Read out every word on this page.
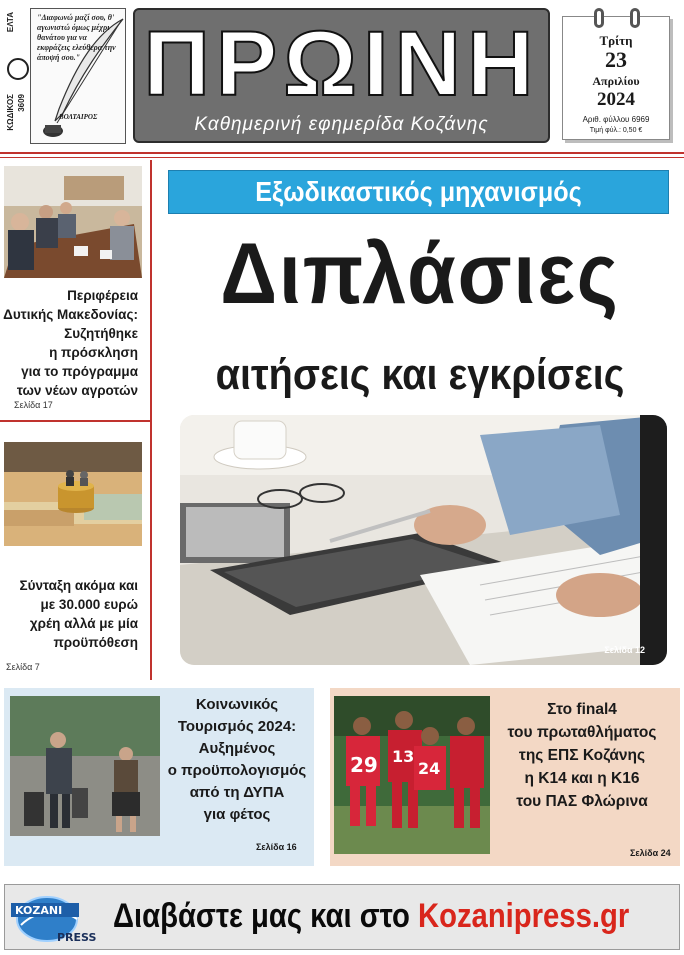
ΕΛΤΑ
ΚΩΔΙΚΟΣ 3609
"Διαφωνώ μαζί σου, θ' αγωνιστώ όμως μέχρι θανάτου για να εκφράζεις ελεύθερα την άποψή σου."
ΒΟΛΤΑΙΡΟΣ
ΠΡΩΙΝΗ
Καθημερινή εφημερίδα Κοζάνης
Τρίτη
23
Απριλίου
2024
Αριθ. φύλλου 6969
Τιμή φύλ.: 0,50 €
Περιφέρεια
Δυτικής Μακεδονίας:
Συζητήθηκε
η πρόσκληση
για το πρόγραμμα
των νέων αγροτών
Σελίδα 17
Σύνταξη ακόμα και
με 30.000 ευρώ
χρέη αλλά με μία
προϋπόθεση
Σελίδα 7
Εξωδικαστικός μηχανισμός
Διπλάσιες
αιτήσεις και εγκρίσεις
Σελίδα 12
Κοινωνικός
Τουρισμός 2024:
Αυξημένος
ο προϋπολογισμός
από τη ΔΥΠΑ
για φέτος
Σελίδα 16
29 13
24
Στο final4
του πρωταθλήματος
της ΕΠΣ Κοζάνης
η Κ14 και η Κ16
του ΠΑΣ Φλώρινα
Σελίδα 24
KOZANI
PRESS
Διαβάστε μας και στο Kozanipress.gr
